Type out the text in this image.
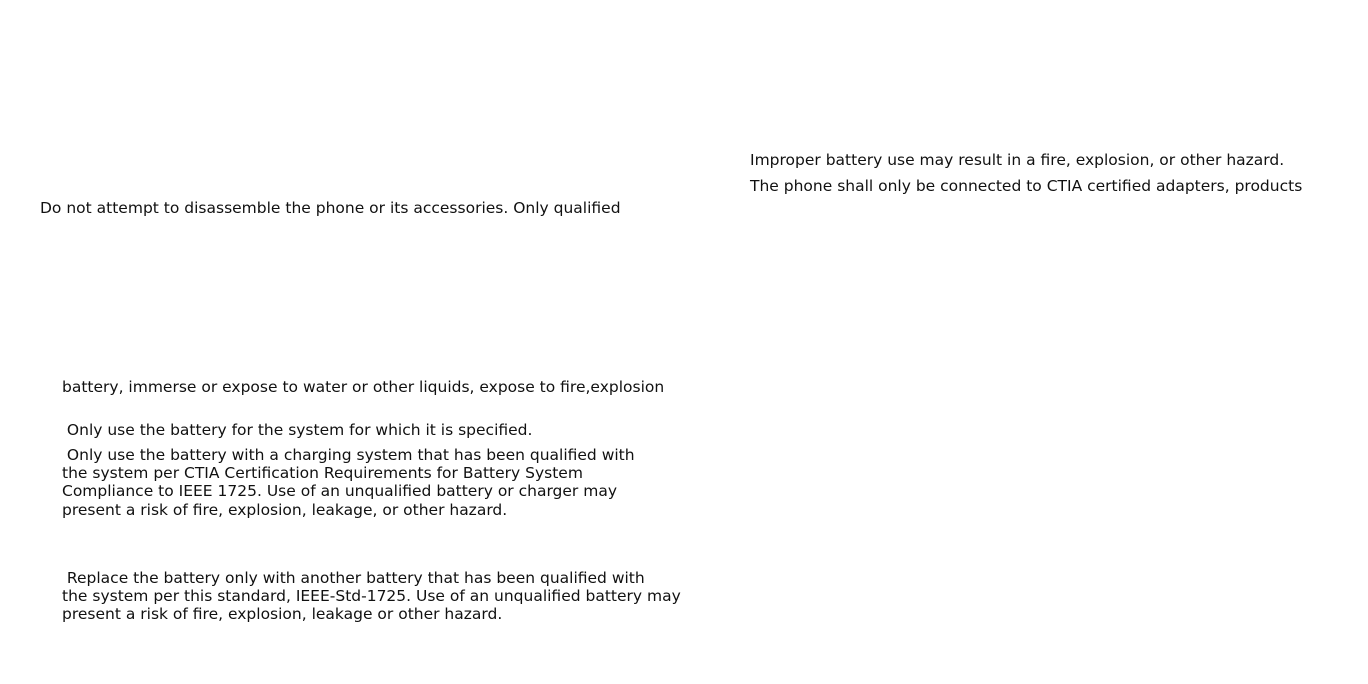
Improper battery use may result in a fire, explosion, or other hazard.
The phone shall only be connected to CTIA certified adapters, products
Do not attempt to disassemble the phone or its accessories. Only qualified
battery, immerse or expose to water or other liquids, expose to fire,explosion
Only use the battery for the system for which it is specified.
Only use the battery with a charging system that has been qualified with
the system per CTIA Certification Requirements for Battery System
Compliance to IEEE 1725. Use of an unqualified battery or charger may
present a risk of fire, explosion, leakage, or other hazard.
Replace the battery only with another battery that has been qualified with
the system per this standard, IEEE-Std-1725. Use of an unqualified battery may
present a risk of fire, explosion, leakage or other hazard.
